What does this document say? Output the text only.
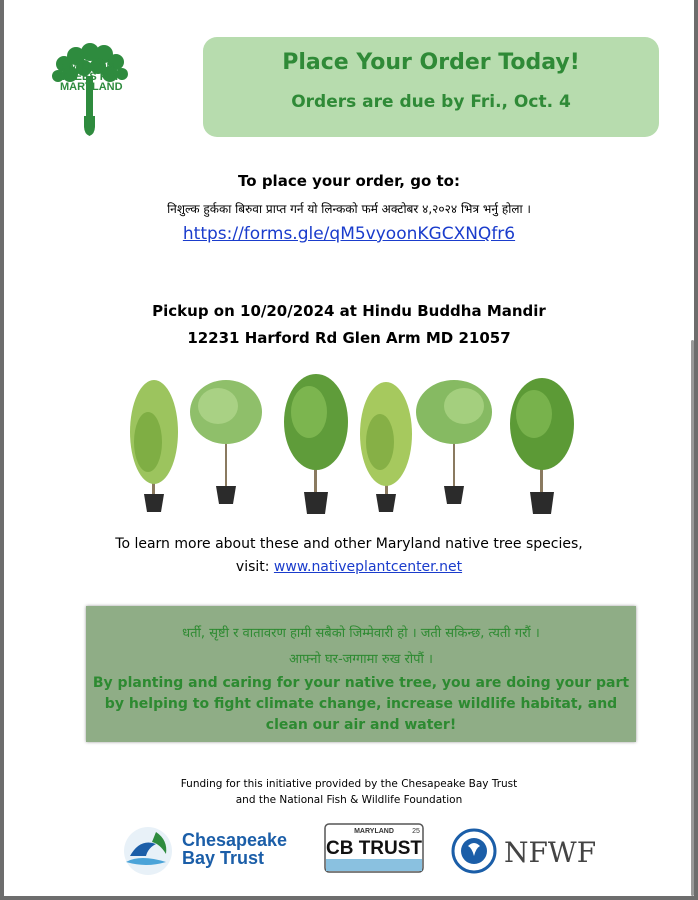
5 MILLION
TREES FOR
MARYLAND
Place Your Order Today!
Orders are due by Fri., Oct. 4
To place your order, go to:
निशुल्क हुर्कका बिरुवा प्राप्त गर्न यो लिन्कको फर्म अक्टोबर ४,२०२४ भित्र भर्नु होला ।
https://forms.gle/qM5vyoonKGCXNQfr6
Pickup on 10/20/2024 at Hindu Buddha Mandir
12231 Harford Rd Glen Arm MD 21057
To learn more about these and other Maryland native tree species,
visit: www.nativeplantcenter.net
धर्ती, सृष्टी र वातावरण हामी सबैको जिम्मेवारी हो । जती सकिन्छ, त्यती गरौं ।
आफ्नो घर-जग्गामा रुख रोपौं ।
By planting and caring for your native tree, you are doing your part
by helping to fight climate change, increase wildlife habitat, and
clean our air and water!
Funding for this initiative provided by the Chesapeake Bay Trust
and the National Fish & Wildlife Foundation
Chesapeake
Bay Trust
MARYLAND
CB TRUST
25
NFWF
